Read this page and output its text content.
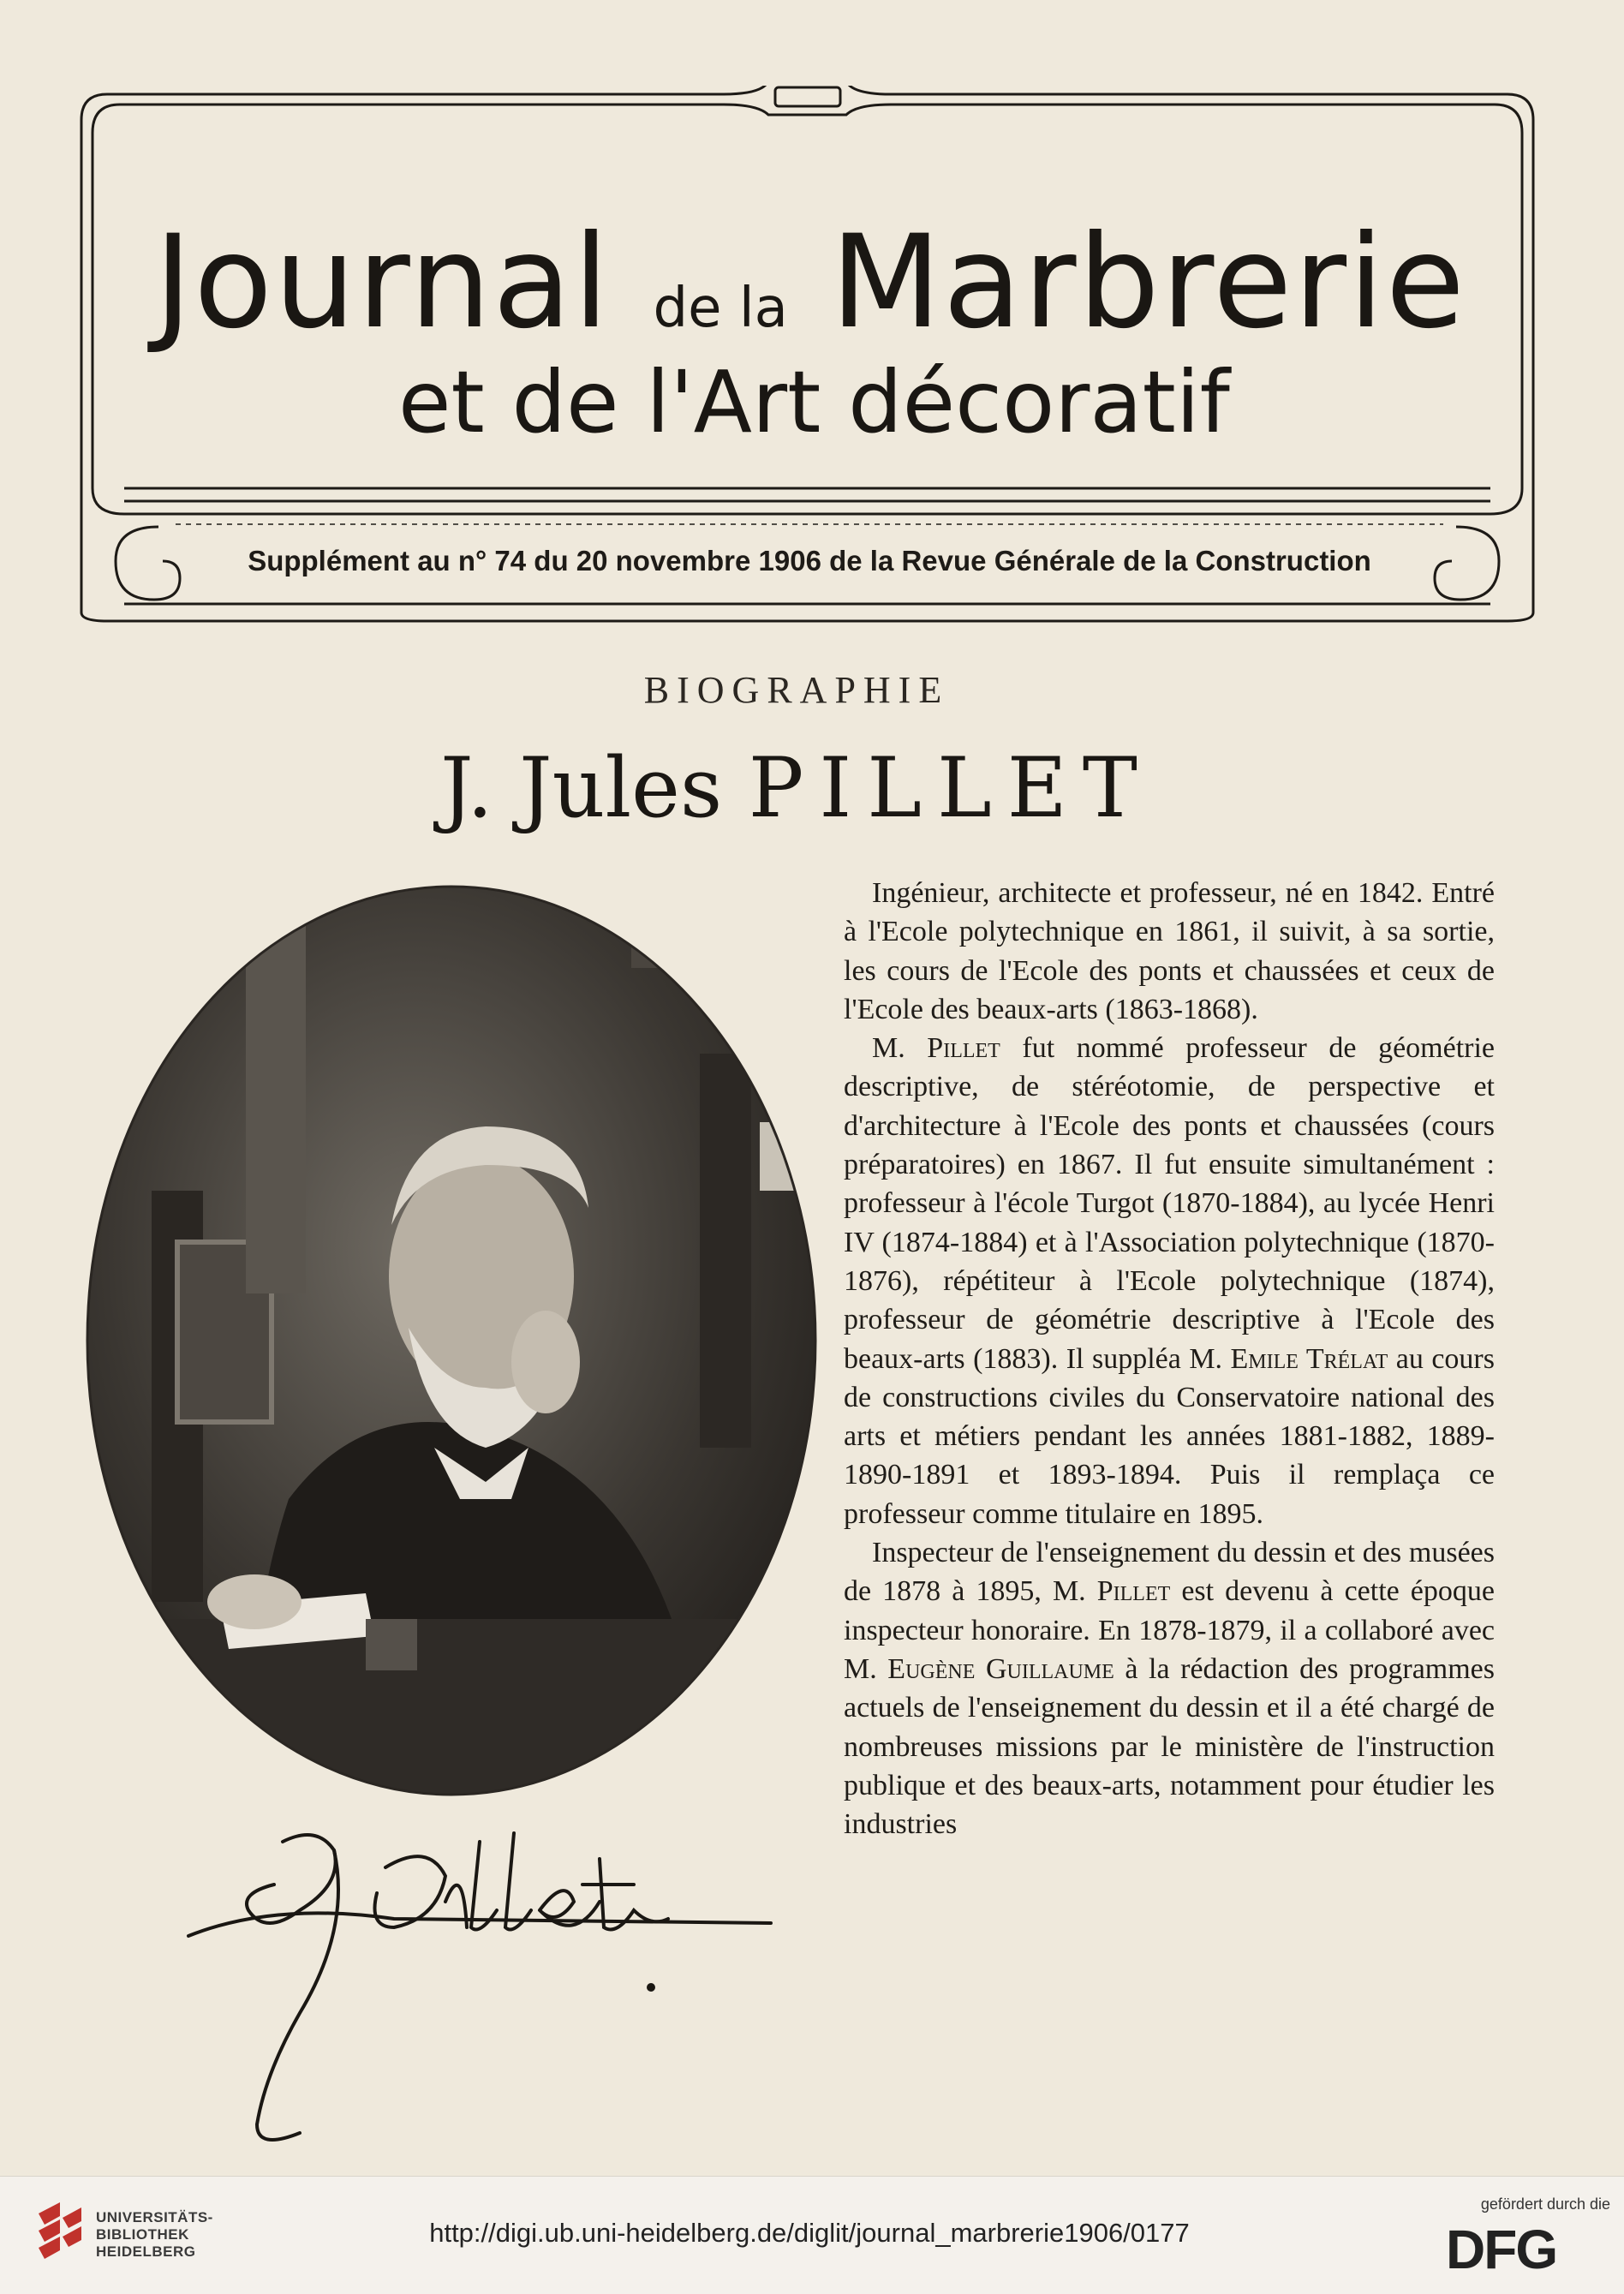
Journal de la Marbrerie
et de l'Art décoratif
Supplément au n° 74 du 20 novembre 1906 de la Revue Générale de la Construction
BIOGRAPHIE
J. Jules PILLET

Ingénieur, architecte et professeur, né en 1842. Entré à l'Ecole polytechnique en 1861, il suivit, à sa sortie, les cours de l'Ecole des ponts et chaussées et ceux de l'Ecole des beaux-arts (1863-1868).

M. Pillet fut nommé professeur de géométrie descriptive, de stéréotomie, de perspective et d'architecture à l'Ecole des ponts et chaussées (cours préparatoires) en 1867. Il fut ensuite simultanément : professeur à l'école Turgot (1870-1884), au lycée Henri IV (1874-1884) et à l'Association polytechnique (1870-1876), répétiteur à l'Ecole polytechnique (1874), professeur de géométrie descriptive à l'Ecole des beaux-arts (1883). Il suppléa M. Emile Trélat au cours de constructions civiles du Conservatoire national des arts et métiers pendant les années 1881-1882, 1889-1890-1891 et 1893-1894. Puis il remplaça ce professeur comme titulaire en 1895.

Inspecteur de l'enseignement du dessin et des musées de 1878 à 1895, M. Pillet est devenu à cette époque inspecteur honoraire. En 1878-1879, il a collaboré avec M. Eugène Guillaume à la rédaction des programmes actuels de l'enseignement du dessin et il a été chargé de nombreuses missions par le ministère de l'instruction publique et des beaux-arts, notamment pour étudier les industries

UNIVERSITÄTS-
BIBLIOTHEK
HEIDELBERG
http://digi.ub.uni-heidelberg.de/diglit/journal_marbrerie1906/0177
gefördert durch die
DFG
